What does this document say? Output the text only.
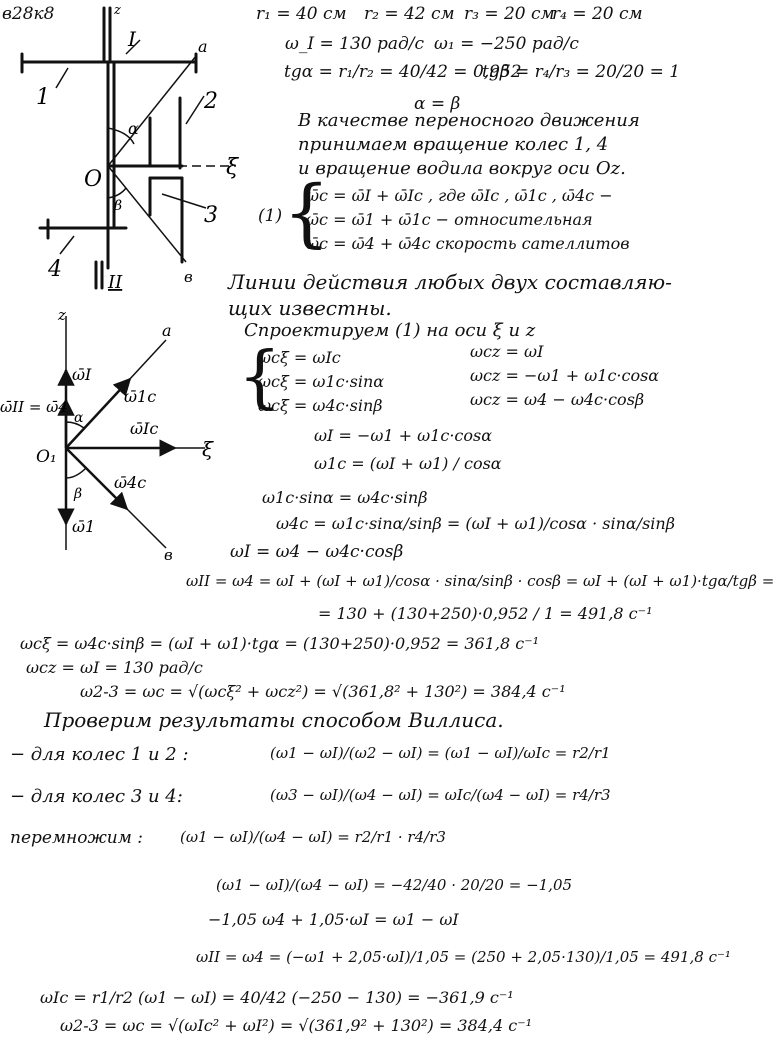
в28к8	r₁ = 40 см r₂ = 42 см r₃ = 20 см
r₄ = 20 см
ω_I = 130 рад/с ω₁ = −250 рад/с
tgα = r₁/r₂ = 40/42 = 0,952
tgβ = r₄/r₃ = 20/20 = 1
α = β
z
I	a
1	2
α
O	ξ
β	3
4
II	в
В качестве переносного движения
принимаем вращение колес 1, 4
и вращение водила вокруг оси Oz.
(1) {
ω̄c = ω̄I + ω̄Ic , где ω̄Ic , ω̄1c , ω̄4c −
ω̄c = ω̄1 + ω̄1c − относительная
ω̄c = ω̄4 + ω̄4c скорость сателлитов
Линии действия любых двух составляю-
щих известны.
z
a
ω̄I
ω̄II = ω̄4
ω̄1c
α
ω̄Ic
ξ
O₁
β
ω̄4c
ω̄1
в
Спроектируем (1) на оси ξ и z
{
ωcξ = ωIc
ωcξ = ω1c·sinα
ωcξ = ω4c·sinβ
ωcz = ωI
ωcz = −ω1 + ω1c·cosα
ωcz = ω4 − ω4c·cosβ
ωI = −ω1 + ω1c·cosα
ω1c = (ωI + ω1) / cosα
ω1c·sinα = ω4c·sinβ
ω4c = ω1c·sinα/sinβ = (ωI + ω1)/cosα · sinα/sinβ
ωI = ω4 − ω4c·cosβ
ωII = ω4 = ωI + (ωI + ω1)/cosα · sinα/sinβ · cosβ = ωI + (ωI + ω1)·tgα/tgβ =
= 130 + (130+250)·0,952 / 1 = 491,8 c⁻¹
ωcξ = ω4c·sinβ = (ωI + ω1)·tgα = (130+250)·0,952 = 361,8 c⁻¹
ωcz = ωI = 130 рад/с
ω2-3 = ωc = √(ωcξ² + ωcz²) = √(361,8² + 130²) = 384,4 c⁻¹
Проверим результаты способом Виллиса.
− для колес 1 и 2 :	(ω1 − ωI)/(ω2 − ωI) = (ω1 − ωI)/ωIc = r2/r1
− для колес 3 и 4:	(ω3 − ωI)/(ω4 − ωI) = ωIc/(ω4 − ωI) = r4/r3
перемножим : (ω1 − ωI)/(ω4 − ωI) = r2/r1 · r4/r3
(ω1 − ωI)/(ω4 − ωI) = −42/40 · 20/20 = −1,05
−1,05 ω4 + 1,05·ωI = ω1 − ωI
ωII = ω4 = (−ω1 + 2,05·ωI)/1,05 = (250 + 2,05·130)/1,05 = 491,8 c⁻¹
ωIc = r1/r2 (ω1 − ωI) = 40/42 (−250 − 130) = −361,9 c⁻¹
ω2-3 = ωc = √(ωIc² + ωI²) = √(361,9² + 130²) = 384,4 c⁻¹
